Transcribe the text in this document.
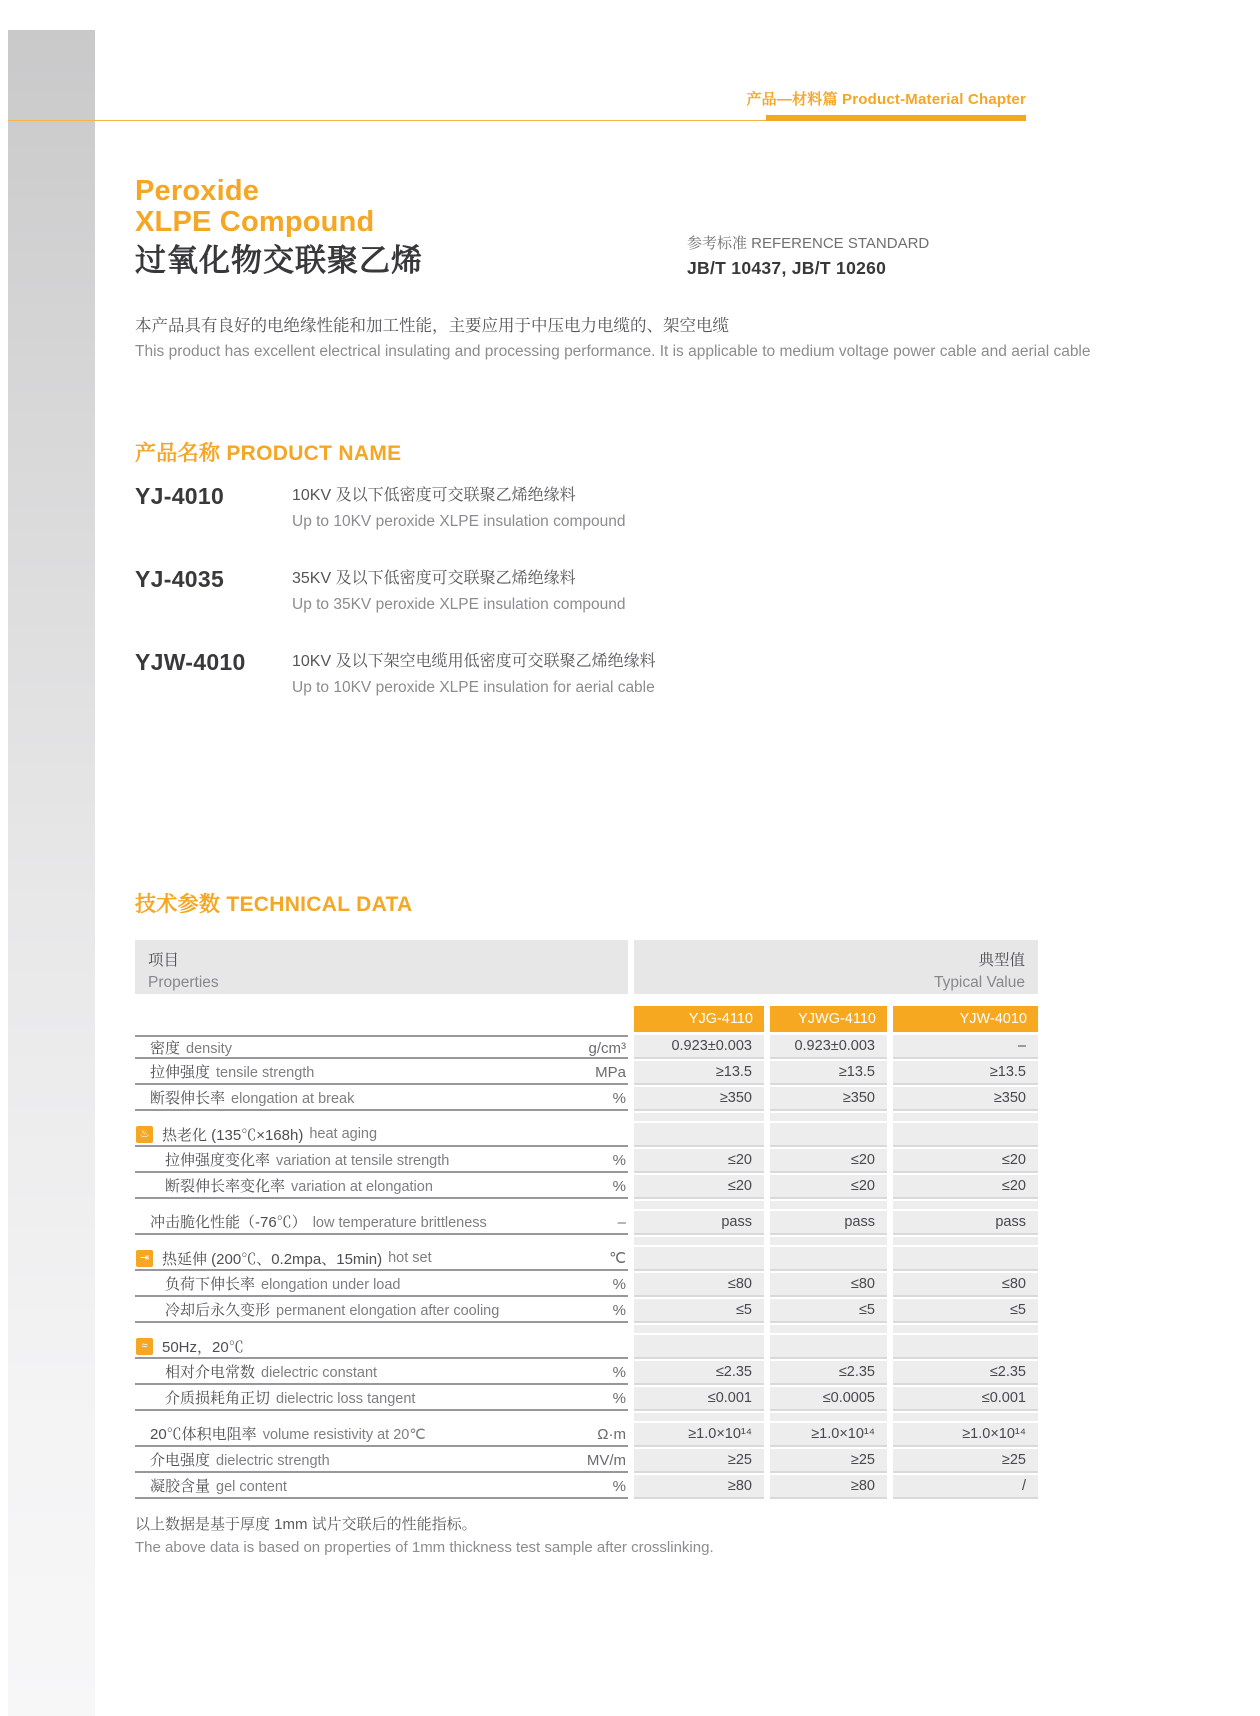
产品—材料篇 Product-Material Chapter
Peroxide
XLPE Compound
过氧化物交联聚乙烯	参考标准 REFERENCE STANDARD
JB/T 10437, JB/T 10260
本产品具有良好的电绝缘性能和加工性能，主要应用于中压电力电缆的、架空电缆
This product has excellent electrical insulating and processing performance. It is applicable to medium voltage power cable and aerial cable
产品名称 PRODUCT NAME
YJ-4010	10KV 及以下低密度可交联聚乙烯绝缘料
Up to 10KV peroxide XLPE insulation compound
YJ-4035	35KV 及以下低密度可交联聚乙烯绝缘料
Up to 35KV peroxide XLPE insulation compound
YJW-4010	10KV 及以下架空电缆用低密度可交联聚乙烯绝缘料
Up to 10KV peroxide XLPE insulation for aerial cable
技术参数 TECHNICAL DATA
项目
Properties
典型值
Typical Value
YJG-4110	YJWG-4110	YJW-4010
密度 density	g/cm³	0.923±0.003	0.923±0.003	–
拉伸强度 tensile strength	MPa	≥13.5	≥13.5	≥13.5
断裂伸长率 elongation at break	%	≥350	≥350	≥350
♨ 热老化 (135℃×168h) heat aging
拉伸强度变化率 variation at tensile strength	%	≤20	≤20	≤20
断裂伸长率变化率 variation at elongation	%	≤20	≤20	≤20
冲击脆化性能（-76℃） low temperature brittleness	–	pass	pass	pass
⇥ 热延伸 (200℃、0.2mpa、15min) hot set	℃
负荷下伸长率 elongation under load	%	≤80	≤80	≤80
冷却后永久变形 permanent elongation after cooling	%	≤5	≤5	≤5
≈ 50Hz，20℃
相对介电常数 dielectric constant	%	≤2.35	≤2.35	≤2.35
介质损耗角正切 dielectric loss tangent	%	≤0.001	≤0.0005	≤0.001
20℃体积电阻率 volume resistivity at 20℃	Ω·m	≥1.0×10¹⁴	≥1.0×10¹⁴	≥1.0×10¹⁴
介电强度 dielectric strength	MV/m	≥25	≥25	≥25
凝胶含量 gel content	%	≥80	≥80	/
以上数据是基于厚度 1mm 试片交联后的性能指标。
The above data is based on properties of 1mm thickness test sample after crosslinking.
